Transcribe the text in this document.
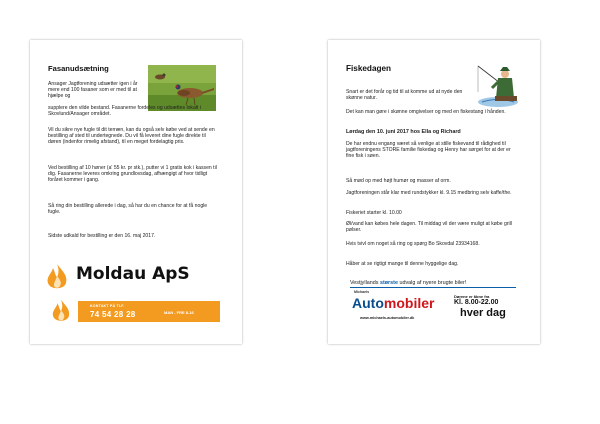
Fasanudsætning
Ansager Jagtforening udsætter igen i år mere end 100 fasaner som er med til at hjælpe og
supplere den vilde bestand. Fasanerne fordeles og udsættes lokalt i Skovlund/Ansager området.
Vil du sikre nye fugle til dit terræn, kan du også selv købe ved at sende en bestilling af sted til undertegnede. Du vil få leveret dine fugle direkte til døren (indenfor rimelig afstand), til en meget fordelagtig pris.
Ved bestilling af 10 høner (a' 55 kr. pr stk.), putter vi 1 gratis kok i kassen til dig. Fasanerne leveres omkring grundlovsdag, afhængigt af hvor tidligt foråret kommer i gang.
Så ring din bestilling allerede i dag, så har du en chance for at få nogle fugle.
Sidste udkald for bestilling er den 16. maj 2017.
Moldau ApS
KONTAKT PÅ TLF.
74 54 28 28	MAN - FRE 8-16
Fiskedagen
Snart er det forår og tid til at komme ud at nyde den skønne natur.
Det kan man gøre i skønne omgivelser og med en fiskestang i hånden.
Lørdag den 10. juni 2017 hos Ella og Richard
De har endnu engang været så venlige at stille fiskevand til rådighed til jagtforeningens STORE familie fiskedag og Henry har sørget for at der er fine fisk i søen.
Så mød op med højt humør og masser af orm.
Jagtforeningen står klar med rundstykker kl. 9.15 medbring selv kaffe/the.
Fiskeriet starter kl. 10.00
Øl/vand kan købes hele dagen. Til middag vil der være muligt at købe grill pølser.
Hvis tvivl om noget så ring og spørg Bo Skovdal 23934168.
Håber at se rigtigt mange til denne hyggelige dag.
Vestjyllands største udvalg af nyere brugte biler!
Michaels
Automobiler	Dørene er åbne fra
Kl. 8.00-22.00
hver dag
www.michaels-automobiler.dk
